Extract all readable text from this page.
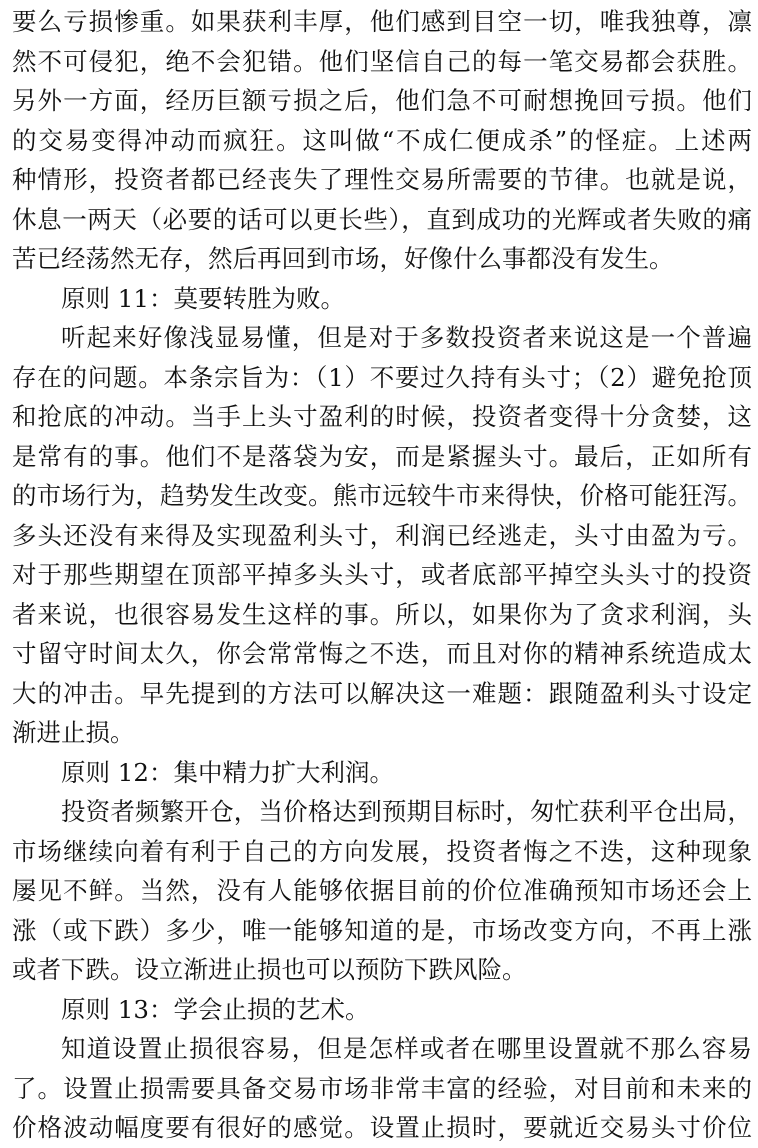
要么亏损惨重。如果获利丰厚，他们感到目空一切，唯我独尊，凛
然不可侵犯，绝不会犯错。他们坚信自己的每一笔交易都会获胜。
另外一方面，经历巨额亏损之后，他们急不可耐想挽回亏损。他们
的交易变得冲动而疯狂。这叫做“不成仁便成杀”的怪症。上述两
种情形，投资者都已经丧失了理性交易所需要的节律。也就是说，
休息一两天（必要的话可以更长些），直到成功的光辉或者失败的痛
苦已经荡然无存，然后再回到市场，好像什么事都没有发生。
原则 11：莫要转胜为败。
听起来好像浅显易懂，但是对于多数投资者来说这是一个普遍
存在的问题。本条宗旨为：（1）不要过久持有头寸；（2）避免抢顶
和抢底的冲动。当手上头寸盈利的时候，投资者变得十分贪婪，这
是常有的事。他们不是落袋为安，而是紧握头寸。最后，正如所有
的市场行为，趋势发生改变。熊市远较牛市来得快，价格可能狂泻。
多头还没有来得及实现盈利头寸，利润已经逃走，头寸由盈为亏。
对于那些期望在顶部平掉多头头寸，或者底部平掉空头头寸的投资
者来说，也很容易发生这样的事。所以，如果你为了贪求利润，头
寸留守时间太久，你会常常悔之不迭，而且对你的精神系统造成太
大的冲击。早先提到的方法可以解决这一难题：跟随盈利头寸设定
渐进止损。
原则 12：集中精力扩大利润。
投资者频繁开仓，当价格达到预期目标时，匆忙获利平仓出局，
市场继续向着有利于自己的方向发展，投资者悔之不迭，这种现象
屡见不鲜。当然，没有人能够依据目前的价位准确预知市场还会上
涨（或下跌）多少，唯一能够知道的是，市场改变方向，不再上涨
或者下跌。设立渐进止损也可以预防下跌风险。
原则 13：学会止损的艺术。
知道设置止损很容易，但是怎样或者在哪里设置就不那么容易
了。设置止损需要具备交易市场非常丰富的经验，对目前和未来的
价格波动幅度要有很好的感觉。设置止损时，要就近交易头寸价位
